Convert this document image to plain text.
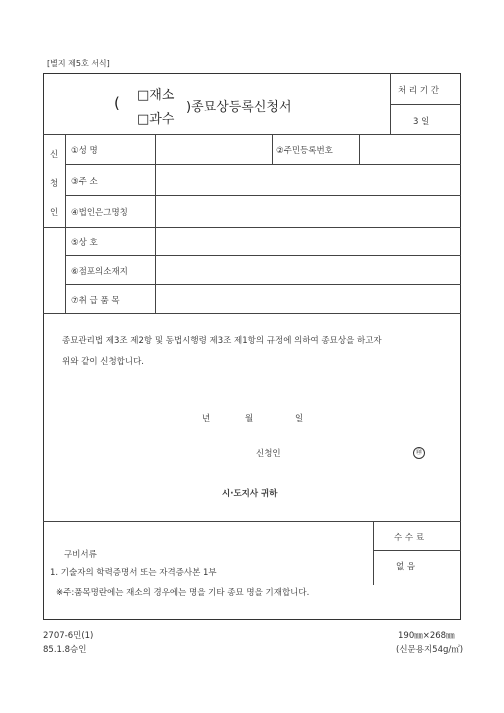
[별지 제5호 서식]
( □재소
□과수
)종묘상등록신청서
처 리 기 간
3 일
신
청
인
①성 명	②주민등록번호
③주 소
④법인은그명칭
⑤상 호
⑥점포의소재지
⑦취 급 품 목
종묘관리법 제3조 제2항 및 동법시행령 제3조 제1항의 규정에 의하여 종묘상을 하고자
위와 같이 신청합니다.
년	월	일
신청인	㊞
시·도지사 귀하
구비서류
1. 기술자의 학력증명서 또는 자격증사본 1부
※주:품목명란에는 재소의 경우에는 명을 기타 종묘 명을 기재합니다.
수 수 료
없 음
2707-6민(1)
85.1.8승인
190㎜×268㎜
(신문용지54g/㎡)
